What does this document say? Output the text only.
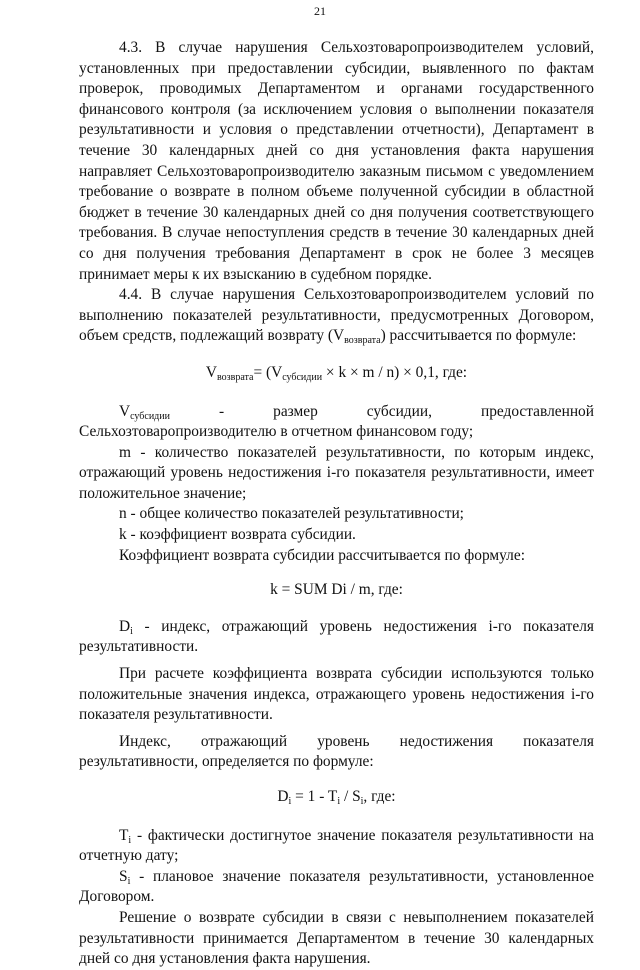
21

4.3. В случае нарушения Сельхозтоваропроизводителем условий, установленных при предоставлении субсидии, выявленного по фактам проверок, проводимых Департаментом и органами государственного финансового контроля (за исключением условия о выполнении показателя результативности и условия о представлении отчетности), Департамент в течение 30 календарных дней со дня установления факта нарушения направляет Сельхозтоваропроизводителю заказным письмом с уведомлением требование о возврате в полном объеме полученной субсидии в областной бюджет в течение 30 календарных дней со дня получения соответствующего требования. В случае непоступления средств в течение 30 календарных дней со дня получения требования Департамент в срок не более 3 месяцев принимает меры к их взысканию в судебном порядке.

4.4. В случае нарушения Сельхозтоваропроизводителем условий по выполнению показателей результативности, предусмотренных Договором, объем средств, подлежащий возврату $(V_{возврата})$ рассчитывается по формуле:

$V_{возврата}= (V_{субсидии} \times k \times m / n) \times 0,1$, где:

$V_{субсидии}$ - размер субсидии, предоставленной Сельхозтоваропроизводителю в отчетном финансовом году;

m - количество показателей результативности, по которым индекс, отражающий уровень недостижения i-го показателя результативности, имеет положительное значение;

n - общее количество показателей результативности;

k - коэффициент возврата субсидии.

Коэффициент возврата субсидии рассчитывается по формуле:

k = SUM Di / m, где:

$D_i$ - индекс, отражающий уровень недостижения i-го показателя результативности.

При расчете коэффициента возврата субсидии используются только положительные значения индекса, отражающего уровень недостижения i-го показателя результативности.

Индекс, отражающий уровень недостижения показателя результативности, определяется по формуле:

$D_i = 1 - T_i / S_i$, где:

$T_i$ - фактически достигнутое значение показателя результативности на отчетную дату;

$S_i$ - плановое значение показателя результативности, установленное Договором.

Решение о возврате субсидии в связи с невыполнением показателей результативности принимается Департаментом в течение 30 календарных дней со дня установления факта нарушения.
